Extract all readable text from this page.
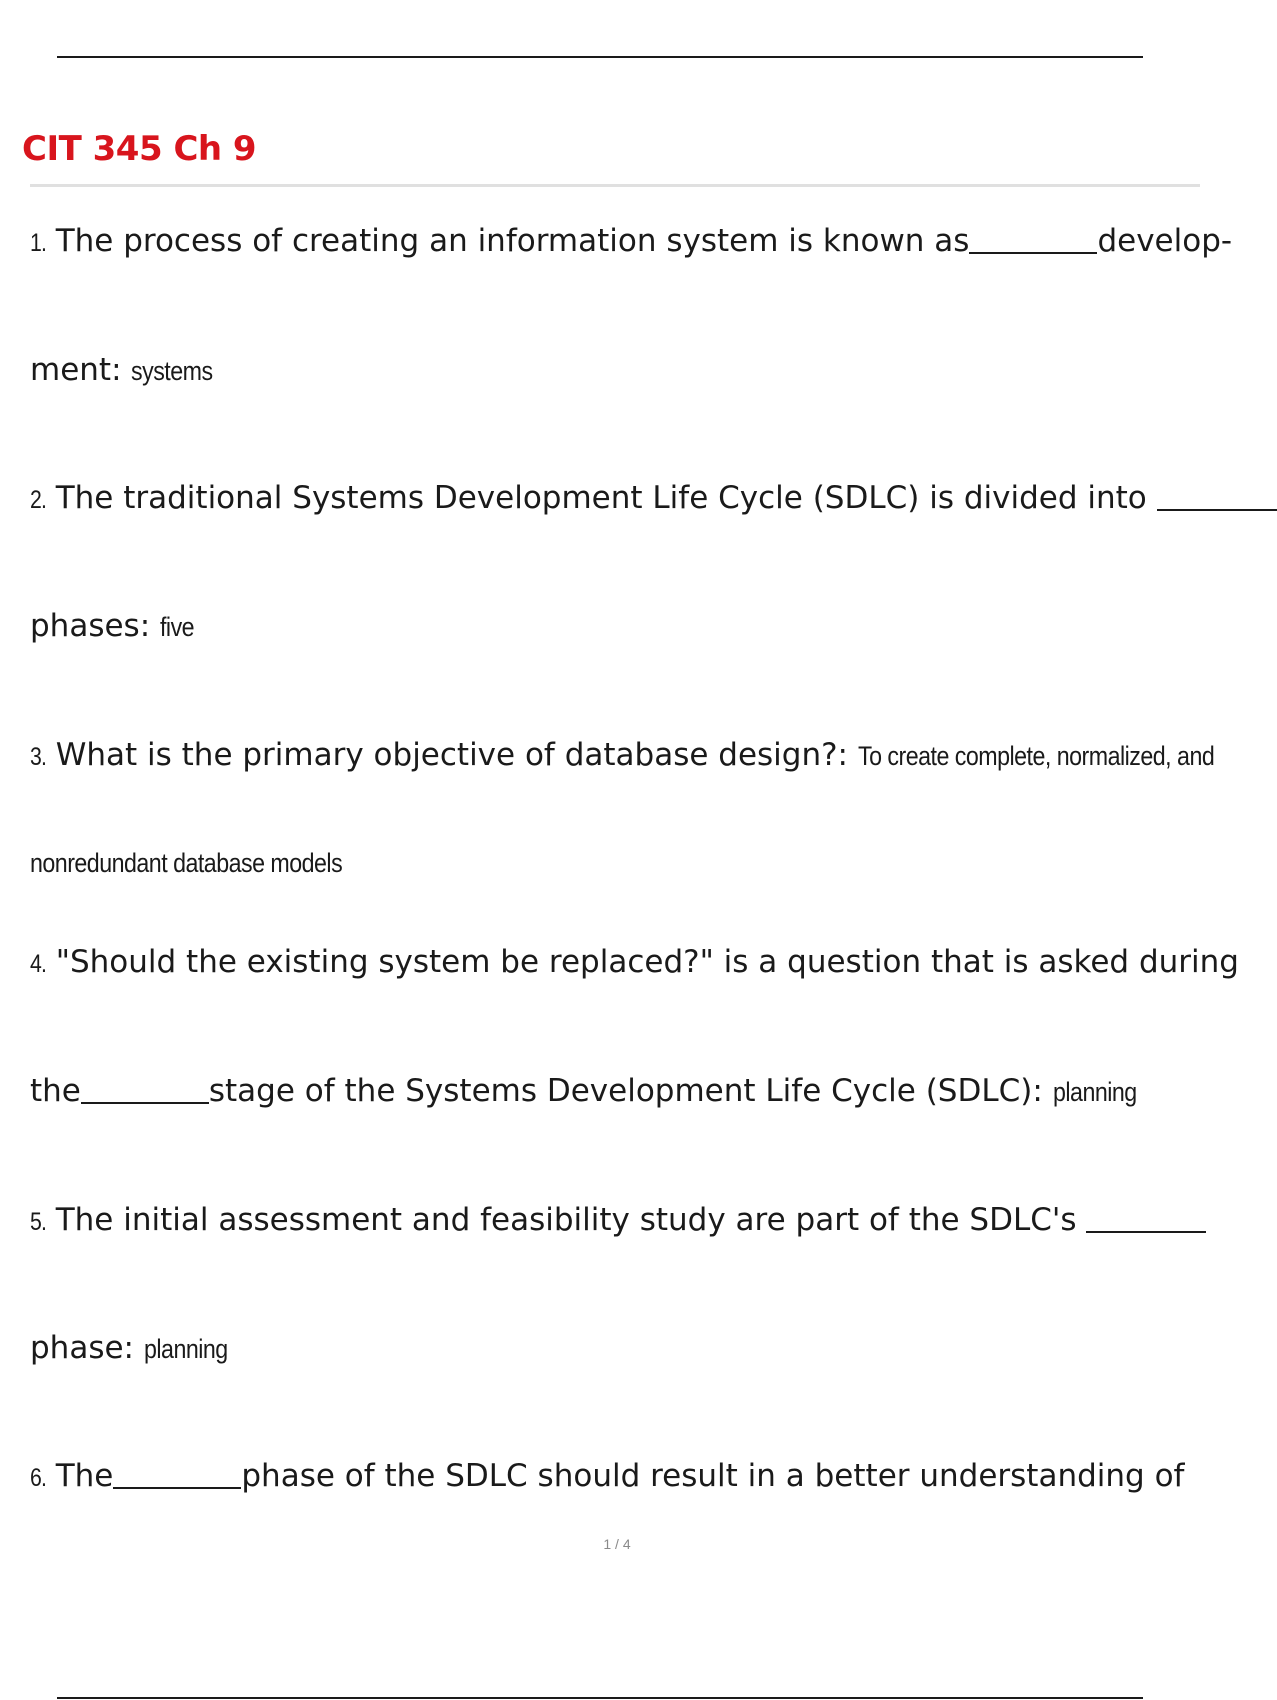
CIT 345 Ch 9
1. The process of creating an information system is known as	develop-
ment: systems
2. The traditional Systems Development Life Cycle (SDLC) is divided into
phases: five
3. What is the primary objective of database design?: To create complete, normalized, and
nonredundant database models
4. "Should the existing system be replaced?" is a question that is asked during
the	stage of the Systems Development Life Cycle (SDLC): planning
5. The initial assessment and feasibility study are part of the SDLC's
phase: planning
6. The	phase of the SDLC should result in a better understanding of
1 / 4
